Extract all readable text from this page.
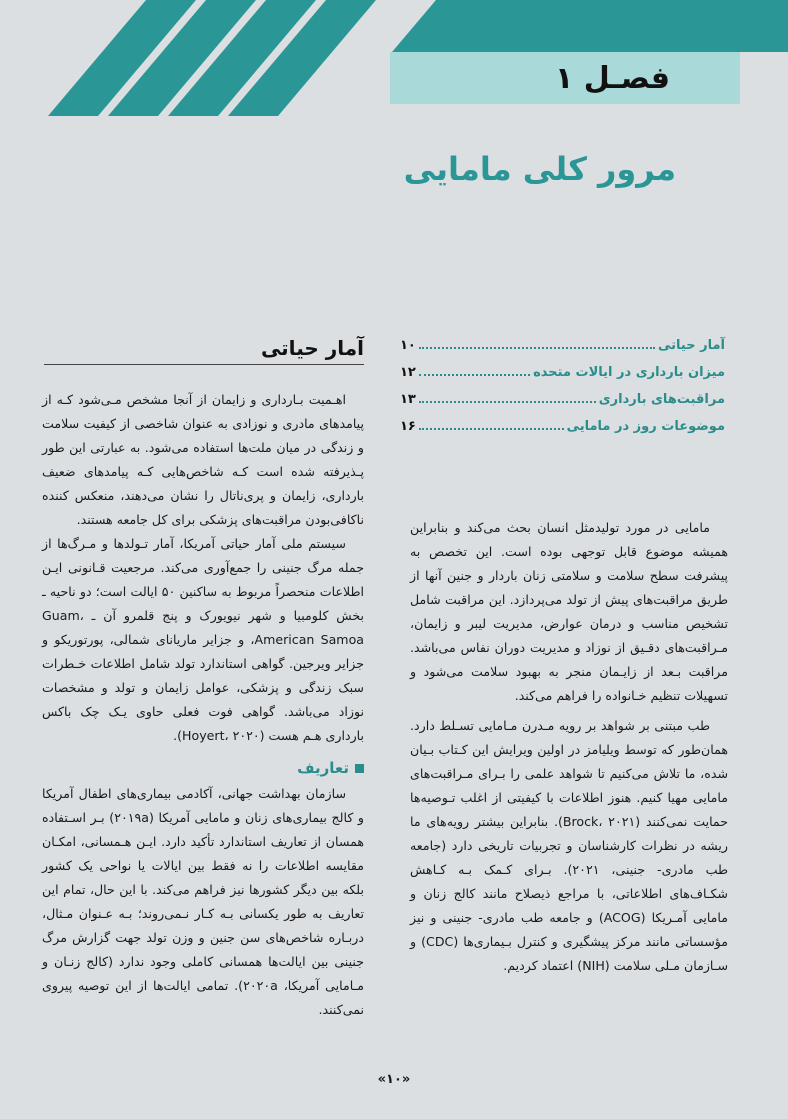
فصـل ۱
مرور کلی مامایی
آمار حیاتی
۱۰
میزان بارداری در ایالات متحده
۱۲
مراقبت‌های بارداری
۱۳
موضوعات روز در مامایی
۱۶
آمار حیاتی

اهـمیت بـارداری و زایمان از آنجا مشخص مـی‌شود کـه از پیامدهای مادری و نوزادی به عنوان شاخصی از کیفیت سلامت و زندگی در میان ملت‌ها استفاده می‌شود. به عبارتی این طور پـذیرفته شده است کـه شاخص‌هایی کـه پیامدهای ضعیف بارداری، زایمان و پری‌ناتال را نشان می‌دهند، منعکس کننده ناکافی‌بودن مراقبت‌های پزشکی برای کل جامعه هستند.

سیستم ملی آمار حیاتی آمریکا، آمار تـولدها و مـرگ‌ها از جمله مرگ جنینی را جمع‌آوری می‌کند. مرجعیت قـانونی ایـن اطلاعات منحصراً مربوط به ساکنین ۵۰ ایالت است؛ دو ناحیه ـ بخش کلومبیا و شهر نیویورک و پنج قلمرو آن ـ Guam، American Samoa، و جزایر ماریانای شمالی، پورتوریکو و جزایر ویرجین. گواهی استاندارد تولد شامل اطلاعات خـطرات سبک زندگی و پزشکی، عوامل زایمان و تولد و مشخصات نوزاد می‌باشد. گواهی فوت فعلی حاوی یـک چک باکس بارداری هـم هست (Hoyert، ۲۰۲۰).

تعاریف

سازمان بهداشت جهانی، آکادمی بیماری‌های اطفال آمریکا و کالج بیماری‌های زنان و مامایی آمریکا (۲۰۱۹a) بـر اسـتفاده همسان از تعاریف استاندارد تأکید دارد. ایـن هـمسانی، امکـان مقایسه اطلاعات را نه فقط بین ایالات یا نواحی یک کشور بلکه بین دیگر کشورها نیز فراهم می‌کند. با این حال، تمام این تعاریف به طور یکسانی بـه کـار نـمی‌روند؛ بـه عـنوان مـثال، دربـاره شاخص‌های سن جنین و وزن تولد جهت گزارش مرگ جنینی بین ایالت‌ها همسانی کاملی وجود ندارد (کالج زنـان و مـامایی آمریکا، ۲۰۲۰a). تمامی ایالت‌ها از این توصیه پیروی نمی‌کنند.

مامایی در مورد تولیدمثل انسان بحث می‌کند و بنابراین همیشه موضوع قابل توجهی بوده است. این تخصص به پیشرفت سطح سلامت و سلامتی زنان باردار و جنین آنها از طریق مراقبت‌های پیش از تولد می‌پردازد. این مراقبت شامل تشخیص مناسب و درمان عوارض، مدیریت لیبر و زایمان، مـراقبت‌های دقـیق از نوزاد و مدیریت دوران نفاس می‌باشد. مراقبت بـعد از زایـمان منجر به بهبود سلامت می‌شود و تسهیلات تنظیم خـانواده را فراهم می‌کند.

طب مبتنی بر شواهد بر رویه مـدرن مـامایی تسـلط دارد. همان‌طور که توسط ویلیامز در اولین ویرایش این کـتاب بـیان شده، ما تلاش می‌کنیم تا شواهد علمی را بـرای مـراقبت‌های مامایی مهیا کنیم. هنوز اطلاعات با کیفیتی از اغلب تـوصیه‌ها حمایت نمی‌کنند (Brock، ۲۰۲۱). بنابراین بیشتر رویه‌های ما ریشه در نظرات کارشناسان و تجربیات تاریخی دارد (جامعه طب مادری- جنینی، ۲۰۲۱). بـرای کـمک بـه کـاهش شکـاف‌های اطلاعاتی، با مراجع ذیصلاح مانند کالج زنان و مامایی آمـریکا (ACOG) و جامعه طب مادری- جنینی و نیز مؤسساتی مانند مرکز پیشگیری و کنترل بـیماری‌ها (CDC) و سـازمان مـلی سلامت (NIH) اعتماد کردیم.

«۱۰»
